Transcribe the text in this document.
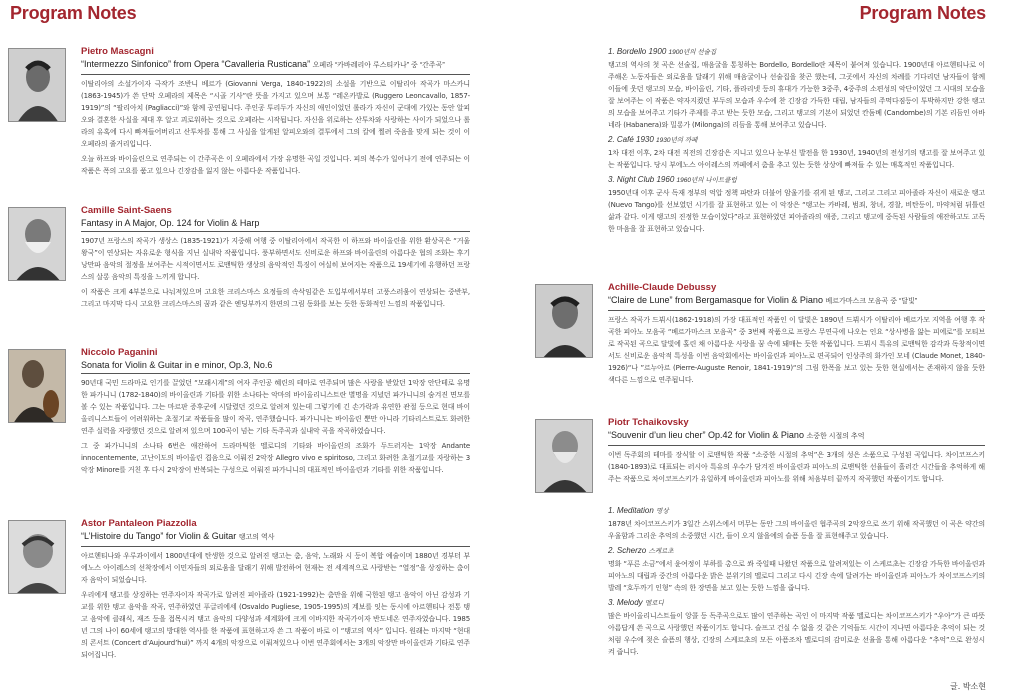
Program Notes
Pietro Mascagni
“Intermezzo Sinfonico” from Opera “Cavalleria Rusticana” 오페라 “카바레리아 루스티카나” 중 “간주곡”

이탈리아의 소설가이자 극작가 조반니 베르가 (Giovanni Verga, 1840-1922)의 소설을 기반으로 이탈리아 작곡가 마스카니 (1863-1945)가 쓴 단막 오페라의 제목은 “시골 기사”란 뜻을 가지고 있으며 보통 “레온카발로 (Ruggero Leoncavallo, 1857-1919)”의 “팔리아치 (Pagliacci)”와 함께 공연됩니다. 주인공 투리두가 자신의 애인이었던 롤라가 자신이 군대에 가있는 동안 알피오와 결혼한 사실을 제대 후 알고 괴로워하는 것으로 오페라는 시작됩니다. 자신을 위로하는 산투차와 사랑하는 사이가 되었으나 롤라의 유혹에 다시 빠져들어버리고 산투차를 통해 그 사실을 알게된 알피오와의 결투에서 그의 칼에 찔려 죽음을 맞게 되는 것이 이 오페라의 줄거리입니다.

오늘 하프와 바이올린으로 연주되는 이 간주곡은 이 오페라에서 가장 유명한 곡일 것입니다. 피의 복수가 일어나기 전에 연주되는 이 작품은 폭의 고요를 품고 있으나 긴장감을 잃지 않는 아름다운 작품입니다.

Camille Saint-Saens
Fantasy in A Major, Op. 124 for Violin & Harp

1907년 프랑스의 작곡가 생상스 (1835-1921)가 지중해 여행 중 이탈리아에서 작곡한 이 하프와 바이올린을 위한 환상곡은 “거울 왕국”이 연상되는 자유로운 형식을 지닌 실내악 작품입니다. 풍부하면서도 신비로운 하프와 바이올린의 아름다운 협의 조화는 후기 낭만파 음악의 절정을 보여주는 시적이면서도 로맨틱한 생상의 음악적인 특징이 여실히 보여지는 작품으로 19세기에 유행하던 프랑스의 살롱 음악의 특징을 느끼게 합니다.

이 작품은 크게 4부분으로 나눠져있으며 고요한 크리스마스 요정들의 속삭임같은 도입부에서부터 고풍스러움이 연상되는 중반부, 그리고 마지막 다시 고요한 크리스마스의 꿈과 같은 엔딩부까지 한편의 그림 동화를 보는 듯한 동화적인 느낌의 작품입니다.

Niccolo Paganini
Sonata for Violin & Guitar in e minor, Op.3, No.6

90년대 국민 드라마로 인기를 끌었던 “모래시계”의 여자 주인공 혜린의 테마로 연주되며 많은 사랑을 받았던 1악장 안단테로 유명한 파가니니 (1782-1840)의 바이올린과 기타를 위한 소나타는 악마의 바이올리니스트란 별명을 지녔던 파가니니의 숨겨진 면모를 볼 수 있는 작품입니다. 그는 마르판 증후군에 시달렸던 것으로 알려져 있는데 그렇기에 긴 손가락과 유연한 관절 등으로 현대 바이올리니스트들이 어려워하는 초절기교 작품들을 많이 작곡, 연주했습니다. 파가니니는 바이올린 뿐만 아니라 기타리스트로도 화려한 연주 실력을 자랑했던 것으로 알려져 있으며 100곡이 넘는 기타 독주곡과 실내악 곡을 작곡하였습니다.

그 중 파가니니의 소나타 6번은 애잔하여 드라마틱한 멜로디의 기타와 바이올린의 조화가 두드러지는 1악장 Andante innocentemente, 고난이도의 바이올린 겹음으로 이뤄진 2악장 Allegro vivo e spiritoso, 그리고 화려한 초절기교를 자랑하는 3악장 Minore를 거친 후 다시 2악장이 반복되는 구성으로 이뤄진 파가니니의 대표적인 바이올린과 기타를 위한 작품입니다.

Astor Pantaleon Piazzolla
“L’Histoire du Tango” for Violin & Guitar 탱고의 역사

아르헨티나와 우루과이에서 1800년대에 탄생한 것으로 알려진 탱고는 춤, 음악, 노래와 시 등이 복합 예술이며 1880년 경부터 부에노스 아이레스의 선착장에서 이민자들의 외로움을 달래기 위해 발전하여 현재는 전 세계적으로 사랑받는 “열정”을 상징하는 춤이자 음악이 되었습니다.

우리에게 탱고를 상징하는 연주자이자 작곡가로 알려진 피아졸라 (1921-1992)는 춤만을 위해 국한된 탱고 음악이 아닌 감성과 기교를 위한 탱고 음악을 작곡, 연주하였던 푸글리에세 (Osvaldo Pugliese, 1905-1995)의 계보를 잇는 동시에 아르헨티나 전통 탱고 음악에 클래식, 재즈 등을 접목시켜 탱고 음악의 다양성과 세계화에 크게 이바지한 작곡가이자 반도네온 연주자였습니다. 1985년 그의 나이 60세에 탱고의 방대한 역사를 한 작품에 표현하고자 쓴 그 작품이 바로 이 “탱고의 역사” 입니다. 원래는 마지막 “현대의 콘서트 (Concert d’Aujourd’hui)” 까지 4개의 악장으로 이뤄져있으나 이번 연주회에서는 3개의 악장만 바이올린과 기타로 연주되어집니다.

Program Notes
1. Bordello 1900 1900년의 선술집

탱고의 역사의 첫 곡은 선술집, 매음굴을 통칭하는 Bordello, Bordello란 제목이 붙여져 있습니다. 1900년대 아르헨티나로 이주해온 노동자들은 외로움을 달래기 위해 매음굴이나 선술집을 찾곤 했는데, 그곳에서 자신의 차례를 기다리던 남자들이 함께 이들에 웃던 탱고의 모습, 바이올린, 기타, 플라리넷 등의 휴대가 가능한 3중주, 4중주의 소편성의 악단이었던 그 시대의 모습을 잘 보여주는 이 작품은 약자지켰던 부두의 모습과 우수에 찬 긴장감 가득한 대립, 남자들의 주먹다짐등이 투박하지만 강한 탱고의 모습을 보여주고 기타가 주제를 주고 받는 듯한 모습, 그리고 탱고의 기본이 되었던 칸돔베 (Candombe)의 기본 리듬인 아바네라 (Habanera)와 밀롱가 (Milonga)의 리듬을 통해 보여주고 있습니다.

2. Café 1930 1930년의 까페

1차 대전 이후, 2차 대전 직전의 긴장감은 지니고 있으나 눈부신 발전을 한 1930년, 1940년의 전성기의 탱고를 잘 보여주고 있는 작품입니다. 당시 부에노스 아이레스의 까페에서 춤을 추고 있는 듯한 상상에 빠져들 수 있는 매혹적인 작품입니다.

3. Night Club 1960 1960년의 나이트클럽

1950년대 이후 군사 독재 정부의 억압 정책 파탄과 더불어 암울기를 겪게 된 탱고, 그리고 그리고 피아졸라 자신이 새로운 탱고 (Nuevo Tango)를 선보였던 시기를 잘 표현하고 있는 이 악장은 “탱고는 카바레, 범죄, 창녀, 경찰, 비탄등이, 마약처럼 뒤틀린 삶과 같다. 이게 탱고의 진정한 모습이었다”라고 표현하였던 피아졸라의 애증, 그리고 탱고에 중독된 사람들의 애잔하고도 고독한 마음을 잘 표현하고 있습니다.

Achille-Claude Debussy
“Claire de Lune” from Bergamasque for Violin & Piano 베르가마스크 모음곡 중 “달빛”

프랑스 작곡가 드뷔시(1862-1918)의 가장 대표적인 작품인 이 달빛은 1890년 드뷔시가 이탈리아 베르가모 지역을 여행 후 작곡한 피아노 모음곡 “베르가마스크 모음곡” 중 3번째 작품으로 프랑스 무연극에 나오는 인요 “상사병을 앓는 피에로”를 모티브로 작곡된 곡으로 달빛에 홀린 채 아름다운 사랑을 꿈 속에 돼매는 듯한 작품입니다. 드뷔시 특유의 로맨틱한 감각과 독창적이면서도 신비로운 음악적 특성을 이번 음악회에서는 바이올린과 피아노로 편곡되어 인상주의 화가인 모네 (Claude Monet, 1840-1926)“나 ”르누아르 (Pierre-Auguste Renoir, 1841-1919)“의 그림 한폭을 보고 있는 듯한 현실에서는 존재하지 않을 듯한 색다른 느낌으로 연주됩니다.

Piotr Tchaikovsky
“Souvenir d’un lieu cher” Op.42 for Violin & Piano 소중한 시절의 추억

이번 독주회의 테마를 장식할 이 로맨틱한 작품 “소중한 시절의 추억”은 3개의 성은 소품으로 구성된 곡입니다. 차이코프스키(1840-1893)로 대표되는 러시아 특유의 우수가 담겨진 바이올린과 피아노의 로맨틱한 선율들이 흘러간 시간들을 추억하게 해주는 작품으로 차이코프스키가 유일하게 바이올린과 피아노를 위해 처음부터 끝까지 작곡했던 작품이기도 합니다.

1. Meditation 명상

1878년 차이코프스키가 3일간 스위스에서 머무는 동안 그의 바이올린 협주곡의 2악장으로 쓰기 위해 작곡했던 이 곡은 약간의 우울함과 그리운 추억의 소중했던 시간, 들이 오지 않을에의 슬픔 등을 잘 표현해주고 있습니다.

2. Scherzo 스케르초

명화 “푸른 소금”에서 윤여정이 부하를 총으로 쏴 죽일때 나왔던 작품으로 알려져있는 이 스케르초는 긴장감 가득한 바이올린과 피아노의 대립과 중간의 아름다운 밝은 분위기의 멜로디 그리고 다시 긴장 속에 달려가는 바이올린과 피아노가 차이코프스키의 발레 “호두까기 인형” 속의 한 장면을 보고 있는 듯한 느낌을 줍니다.

3. Melody 멜로디

많은 바이올리니스트들이 앙콜 등 독주곡으로도 많이 연주하는 곡인 이 마지막 작품 멜로디는 차이코프스키가 “우아”가 큰 따뜻 아름답게 쓴 곡으로 사랑했던 작품이기도 합니다. 슬프고 건실 수 없을 것 같은 기억들도 시간이 지나면 아름다운 추억이 되는 것처럼 우수에 젖은 슬픔의 행상, 긴장의 스케르초의 모든 아픔조차 멜로디의 감미로운 선율을 통해 아름다운 “추억”으로 완성시켜 줍니다.

글. 박소현
